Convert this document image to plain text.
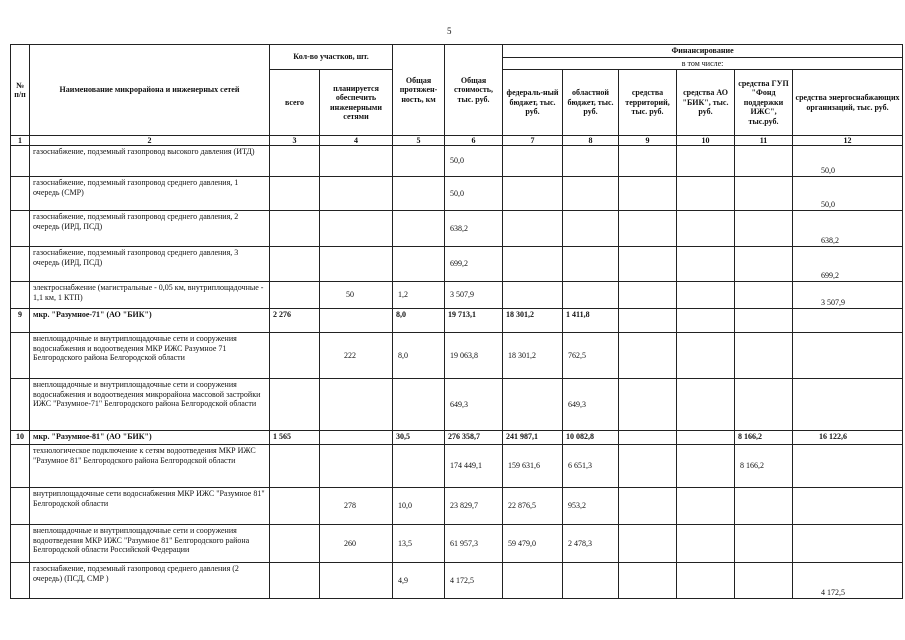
5
№ п/п	Наименование микрорайона и инженерных сетей	Кол-во участков, шт.		Общая протяжен-ность, км	Общая стоимость, тыс. руб.	Финансирование					
						в том числе:					
		всего	планируется обеспечить инженерными сетями			федераль-ный бюджет, тыс. руб.	областной бюджет, тыс. руб.	средства территорий, тыс. руб.	средства АО "БИК", тыс. руб.	средства ГУП "Фонд поддержки ИЖС", тыс.руб.	средства энергоснабжающих организаций, тыс. руб.
1	2	3	4	5	6	7	8	9	10	11	12
	газоснабжение, подземный газопровод высокого давления (ИТД)				50,0						50,0
	газоснабжение, подземный газопровод среднего давления, 1 очередь (СМР)				50,0						50,0
	газоснабжение, подземный газопровод среднего давления, 2 очередь (ИРД, ПСД)				638,2						638,2
	газоснабжение, подземный газопровод среднего давления, 3 очередь (ИРД, ПСД)				699,2						699,2
	электроснабжение (магистральные - 0,05 км, внутриплощадочные - 1,1 км, 1 КТП)		50	1,2	3 507,9						3 507,9
9	мкр. "Разумное-71" (АО "БИК")	2 276		8,0	19 713,1	18 301,2	1 411,8				
	внеплощадочные и внутриплощадочные сети и сооружения водоснабжения и водоотведения МКР ИЖС Разумное 71 Белгородского района Белгородской области		222	8,0	19 063,8	18 301,2	762,5				
	внеплощадочные и внутриплощадочные сети и сооружения водоснабжения и водоотведения микрорайона массовой застройки ИЖС "Разумное-71" Белгородского района Белгородской области				649,3		649,3				
10	мкр. "Разумное-81" (АО "БИК")	1 565		30,5	276 358,7	241 987,1	10 082,8			8 166,2	16 122,6
	технологическое подключение к сетям водоотведения МКР ИЖС "Разумное 81" Белгородского района Белгородской области				174 449,1	159 631,6	6 651,3			8 166,2	
	внутриплощадочные сети водоснабжения МКР ИЖС "Разумное 81" Белгородской области		278	10,0	23 829,7	22 876,5	953,2				
	внеплощадочные и внутриплощадочные сети и сооружения водоотведения МКР ИЖС "Разумное 81" Белгородского района Белгородской области Российской Федерации		260	13,5	61 957,3	59 479,0	2 478,3				
	газоснабжение, подземный газопровод среднего давления (2 очередь) (ПСД, СМР )			4,9	4 172,5						4 172,5
